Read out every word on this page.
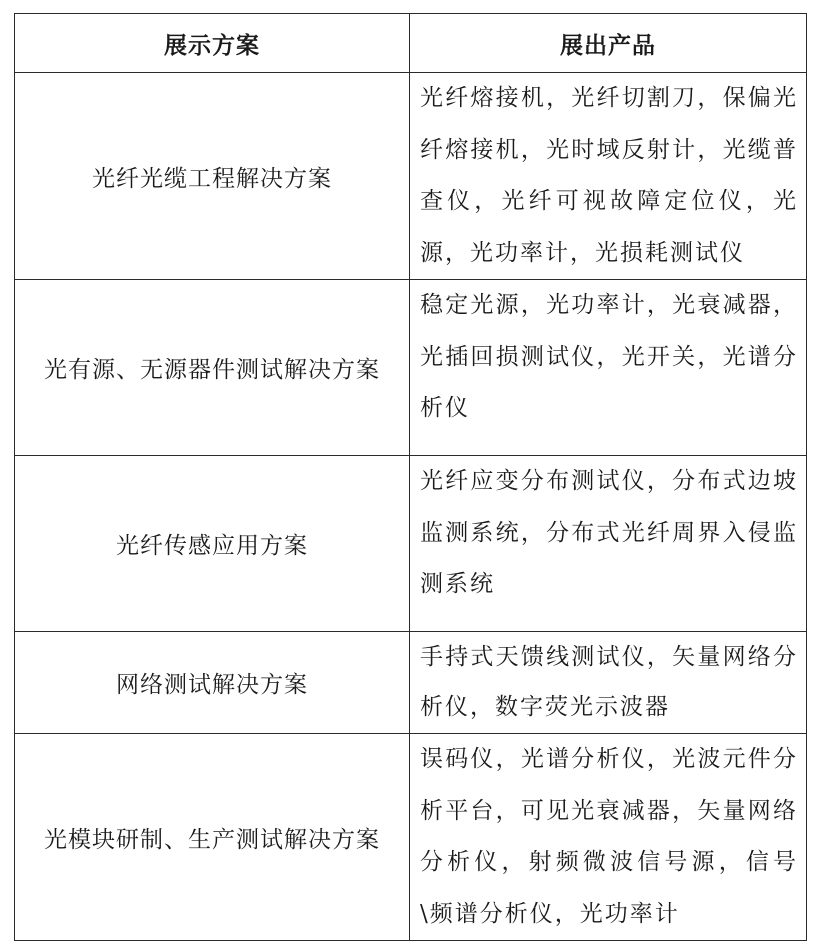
展示方案	展出产品
光纤光缆工程解决方案	光纤熔接机，光纤切割刀，保偏光纤熔接机，光时域反射计，光缆普查仪，光纤可视故障定位仪，光源，光功率计，光损耗测试仪
光有源、无源器件测试解决方案	稳定光源，光功率计，光衰减器，光插回损测试仪，光开关，光谱分析仪
光纤传感应用方案	光纤应变分布测试仪，分布式边坡监测系统，分布式光纤周界入侵监测系统
网络测试解决方案	手持式天馈线测试仪，矢量网络分析仪，数字荧光示波器
光模块研制、生产测试解决方案	误码仪，光谱分析仪，光波元件分析平台，可见光衰减器，矢量网络分析仪，射频微波信号源，信号\频谱分析仪，光功率计
